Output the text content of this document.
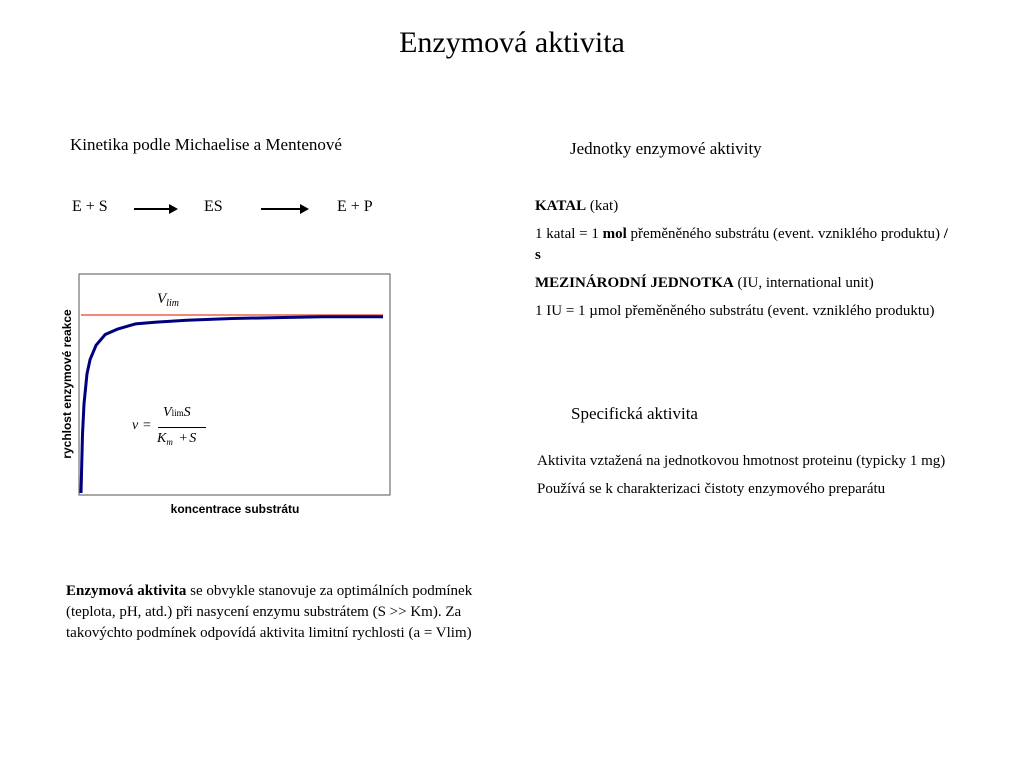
Enzymová aktivita
Kinetika podle Michaelise a Mentenové
E + S	ES	E + P
$V_{lim}$
rychlost enzymové reakce
koncentrace substrátu
v =
VlimS
$K_m + S$
Enzymová aktivita se obvykle stanovuje za optimálních podmínek (teplota, pH, atd.) při nasycení enzymu substrátem (S >> Km). Za takovýchto podmínek odpovídá aktivita limitní rychlosti (a = Vlim)
Jednotky enzymové aktivity

KATAL (kat)

1 katal = 1 mol přeměněného substrátu (event. vzniklého produktu) / s

MEZINÁRODNÍ JEDNOTKA (IU, international unit)

1 IU = 1 µmol přeměněného substrátu (event. vzniklého produktu)

Specifická aktivita

Aktivita vztažená na jednotkovou hmotnost proteinu (typicky 1 mg)

Používá se k charakterizaci čistoty enzymového preparátu
